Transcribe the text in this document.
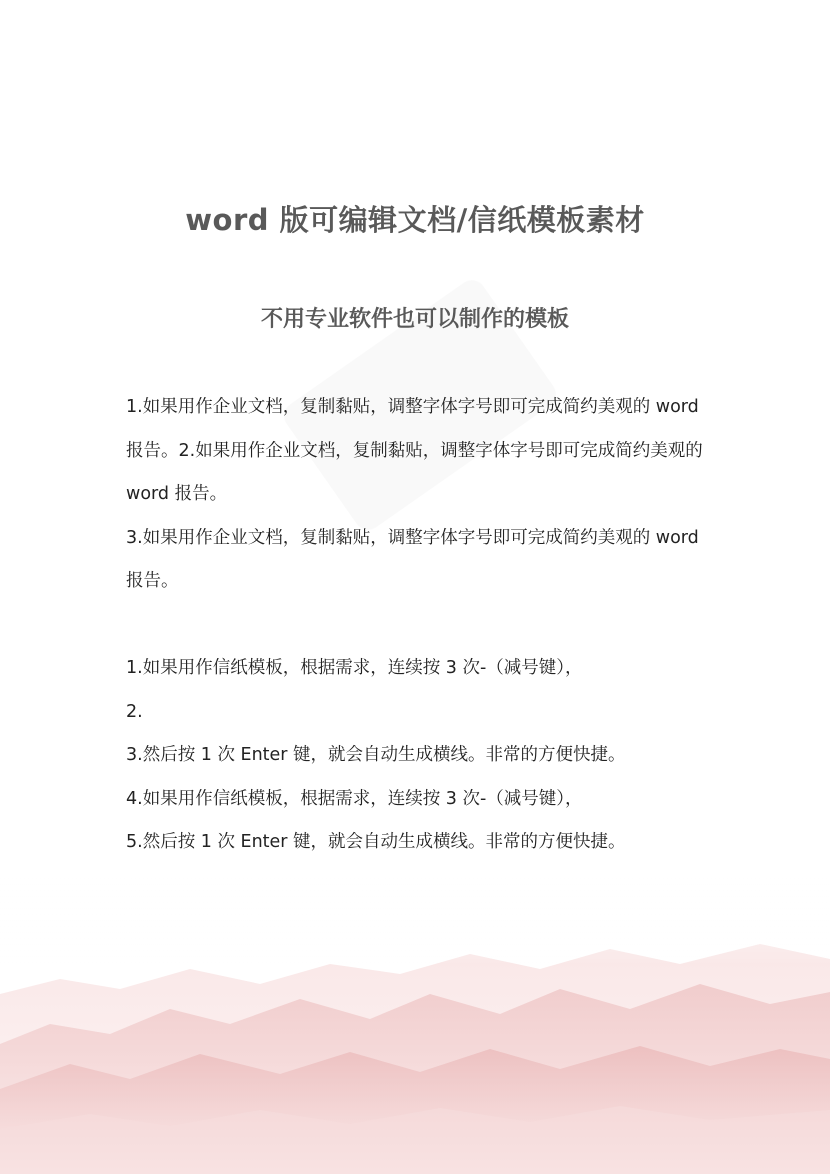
word 版可编辑文档/信纸模板素材
不用专业软件也可以制作的模板

1.如果用作企业文档，复制黏贴，调整字体字号即可完成简约美观的 word 报告。2.如果用作企业文档，复制黏贴，调整字体字号即可完成简约美观的 word 报告。

3.如果用作企业文档，复制黏贴，调整字体字号即可完成简约美观的 word 报告。

1.如果用作信纸模板，根据需求，连续按 3 次-（减号键），

2.

3.然后按 1 次 Enter 键，就会自动生成横线。非常的方便快捷。

4.如果用作信纸模板，根据需求，连续按 3 次-（减号键），

5.然后按 1 次 Enter 键，就会自动生成横线。非常的方便快捷。
